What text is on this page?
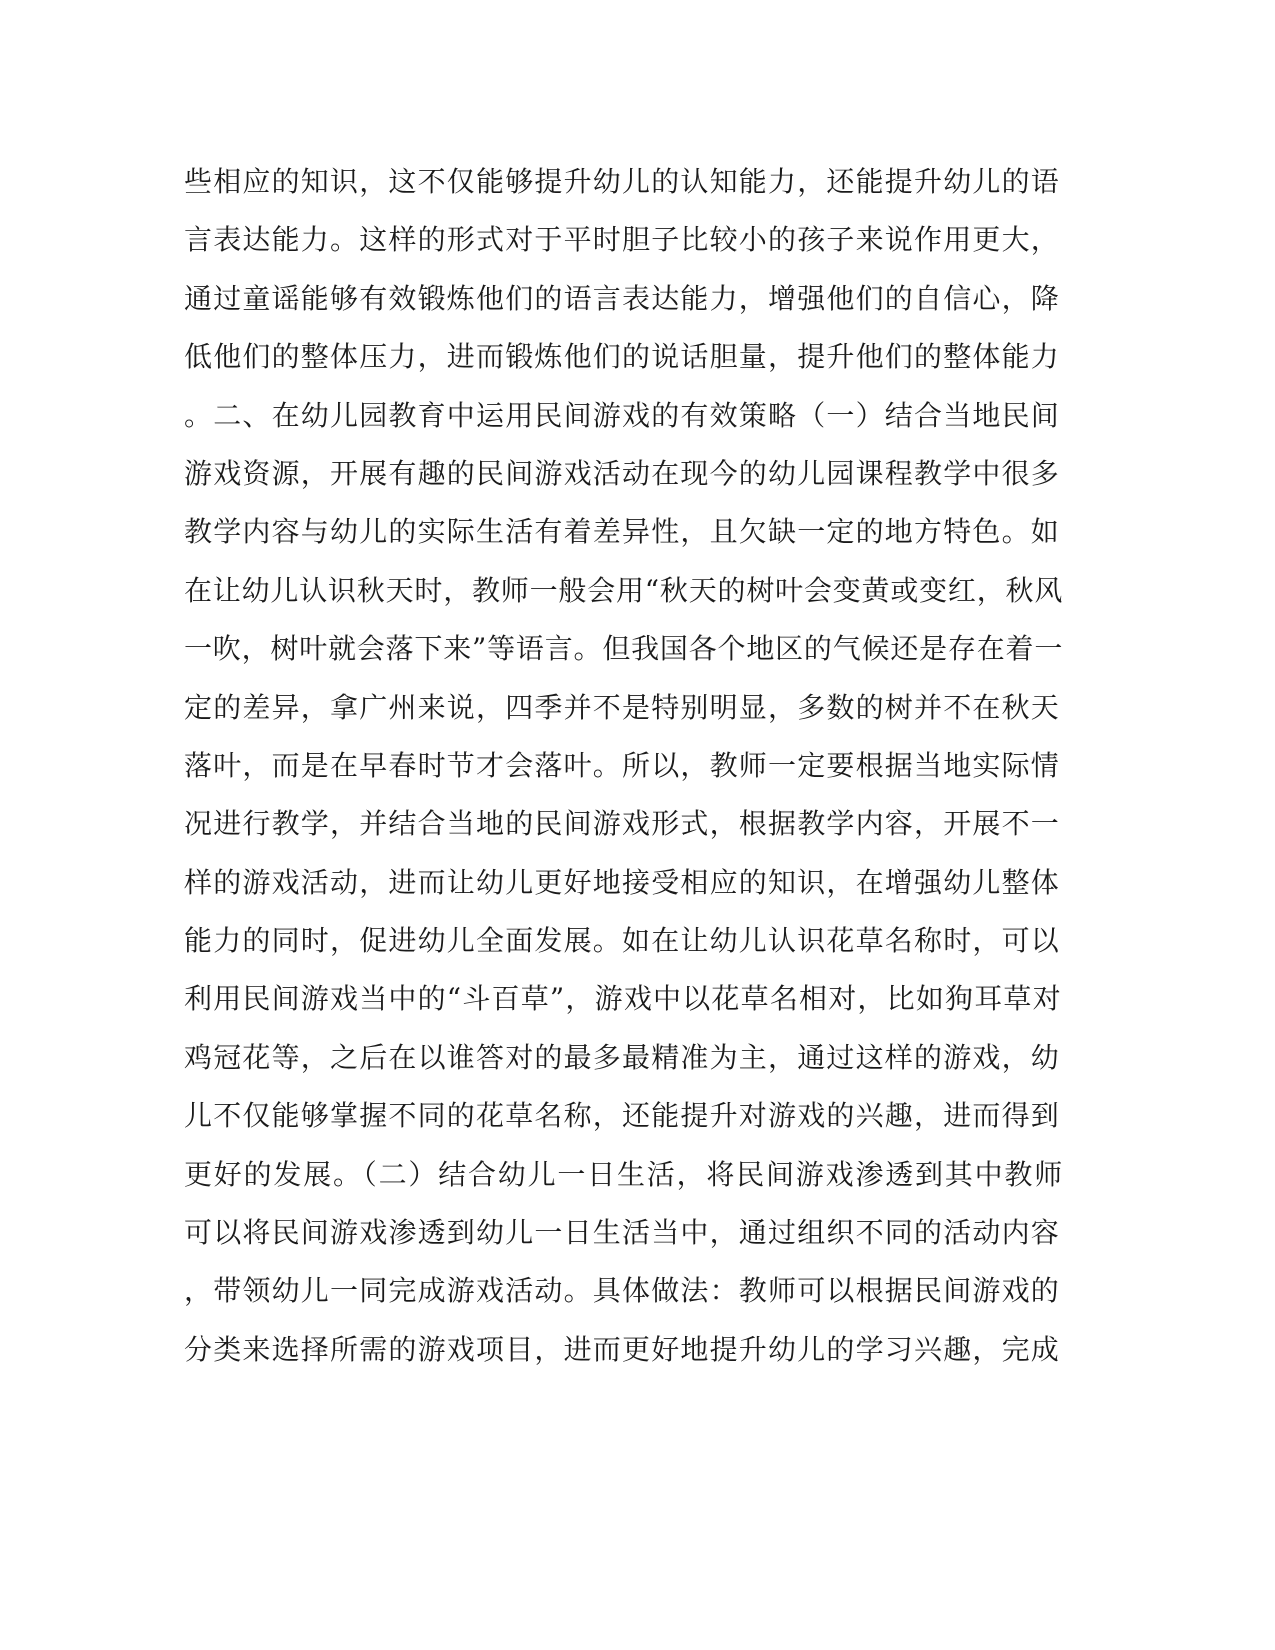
些相应的知识，这不仅能够提升幼儿的认知能力，还能提升幼儿的语
言表达能力。这样的形式对于平时胆子比较小的孩子来说作用更大，
通过童谣能够有效锻炼他们的语言表达能力，增强他们的自信心，降
低他们的整体压力，进而锻炼他们的说话胆量，提升他们的整体能力
。二、在幼儿园教育中运用民间游戏的有效策略（一）结合当地民间
游戏资源，开展有趣的民间游戏活动在现今的幼儿园课程教学中很多
教学内容与幼儿的实际生活有着差异性，且欠缺一定的地方特色。如
在让幼儿认识秋天时，教师一般会用“秋天的树叶会变黄或变红，秋风
一吹，树叶就会落下来”等语言。但我国各个地区的气候还是存在着一
定的差异，拿广州来说，四季并不是特别明显，多数的树并不在秋天
落叶，而是在早春时节才会落叶。所以，教师一定要根据当地实际情
况进行教学，并结合当地的民间游戏形式，根据教学内容，开展不一
样的游戏活动，进而让幼儿更好地接受相应的知识，在增强幼儿整体
能力的同时，促进幼儿全面发展。如在让幼儿认识花草名称时，可以
利用民间游戏当中的“斗百草”，游戏中以花草名相对，比如狗耳草对
鸡冠花等，之后在以谁答对的最多最精准为主，通过这样的游戏，幼
儿不仅能够掌握不同的花草名称，还能提升对游戏的兴趣，进而得到
更好的发展。（二）结合幼儿一日生活，将民间游戏渗透到其中教师
可以将民间游戏渗透到幼儿一日生活当中，通过组织不同的活动内容
，带领幼儿一同完成游戏活动。具体做法：教师可以根据民间游戏的
分类来选择所需的游戏项目，进而更好地提升幼儿的学习兴趣，完成
